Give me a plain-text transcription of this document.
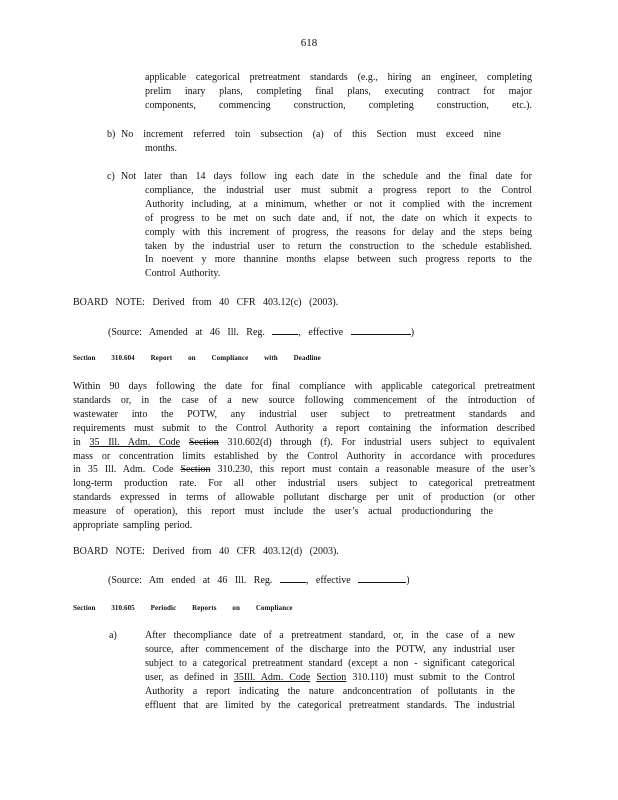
618
applicable categorical pretreatment standards (e.g., hiring an engineer, completing
prelim inary plans, completing final plans, executing contract for major
components, commencing construction, completing construction, etc.).
b) No increment referred toin subsection (a) of this Section must exceed nine
months.
c) Not later than 14 days follow ing each date in the schedule and the final date for
compliance, the industrial user must submit a progress report to the Control
Authority including, at a minimum, whether or not it complied with the increment
of progress to be met on such date and, if not, the date on which it expects to
comply with this increment of progress, the reasons for delay and the steps being
taken by the industrial user to return the construction to the schedule established.
In noevent y more thannine months elapse between such progress reports to the
Control Authority.
BOARD NOTE: Derived from 40 CFR 403.12(c) (2003).
(Source: Amended at 46 Ill. Reg.	, effective	)
Section 310.604 Report on Compliance with Deadline
Within 90 days following the date for final compliance with applicable categorical pretreatment
standards or, in the case of a new source following commencement of the introduction of
wastewater into the POTW, any industrial user subject to pretreatment standards and
requirements must submit to the Control Authority a report containing the information described
in 35 Ill. Adm. Code Section 310.602(d) through (f). For industrial users subject to equivalent
mass or concentration limits established by the Control Authority in accordance with procedures
in 35 Ill. Adm. Code Section 310.230, this report must contain a reasonable measure of the user’s
long-term production rate. For all other industrial users subject to categorical pretreatment
standards expressed in terms of allowable pollutant discharge per unit of production (or other
measure of operation), this report must include the user’s actual productionduring the
appropriate sampling period.
BOARD NOTE: Derived from 40 CFR 403.12(d) (2003).
(Source: Am ended at 46 Ill. Reg.	, effective	)
Section 310.605 Periodic Reports on Compliance
a)	After thecompliance date of a pretreatment standard, or, in the case of a new
source, after commencement of the discharge into the POTW, any industrial user
subject to a categorical pretreatment standard (except a non - significant categorical
user, as defined in 35Ill. Adm. Code Section 310.110) must submit to the Control
Authority a report indicating the nature andconcentration of pollutants in the
effluent that are limited by the categorical pretreatment standards. The industrial
